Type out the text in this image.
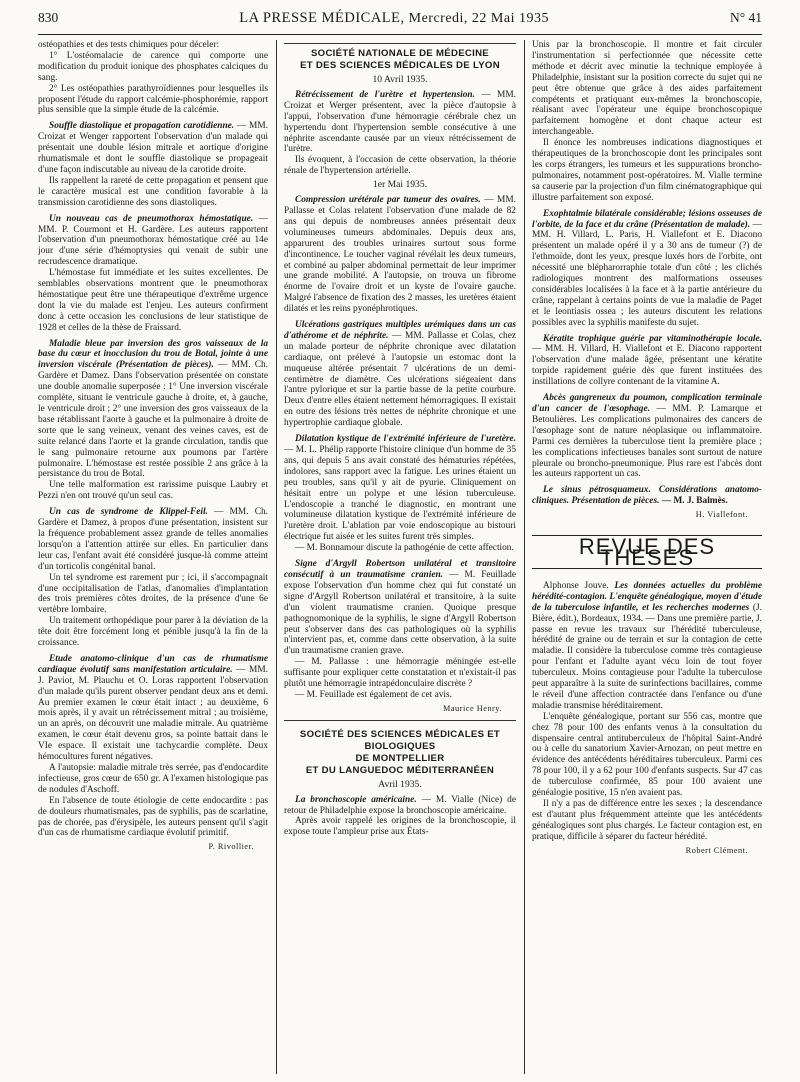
830	LA PRESSE MÉDICALE, Mercredi, 22 Mai 1935	N° 41

ostéopathies et des tests chimiques pour déceler:

1° L'ostéomalacie de carence qui comporte une modification du produit ionique des phosphates calciques du sang.

2° Les ostéopathies parathyroïdiennes pour lesquelles ils proposent l'étude du rapport calcémie-phosphorémie, rapport plus sensible que la simple étude de la calcémie.

Souffle diastolique et propagation carotidienne. — MM. Croizat et Wenger rapportent l'observation d'un malade qui présentait une double lésion mitrale et aortique d'origine rhumatismale et dont le souffle diastolique se propageait d'une façon indiscutable au niveau de la carotide droite.

Ils rappellent la rareté de cette propagation et pensent que le caractère musical est une condition favorable à la transmission carotidienne des sons diastoliques.

Un nouveau cas de pneumothorax hémostatique. — MM. P. Courmont et H. Gardère. Les auteurs rapportent l'observation d'un pneumothorax hémostatique créé au 14e jour d'une série d'hémoptysies qui venait de subir une recrudescence dramatique.

L'hémostase fut immédiate et les suites excellentes. De semblables observations montrent que le pneumothorax hémostatique peut être une thérapeutique d'extrême urgence dont la vie du malade est l'enjeu. Les auteurs confirment donc à cette occasion les conclusions de leur statistique de 1928 et celles de la thèse de Fraissard.

Maladie bleue par inversion des gros vaisseaux de la base du cœur et inocclusion du trou de Botal, jointe à une inversion viscérale (Présentation de pièces). — MM. Ch. Gardère et Damez. Dans l'observation présentée on constate une double anomalie superposée : 1° Une inversion viscérale complète, situant le ventricule gauche à droite, et, à gauche, le ventricule droit ; 2° une inversion des gros vaisseaux de la base rétablissant l'aorte à gauche et la pulmonaire à droite de sorte que le sang veineux, venant des veines caves, est de suite relancé dans l'aorte et la grande circulation, tandis que le sang pulmonaire retourne aux poumons par l'artère pulmonaire. L'hémostase est restée possible 2 ans grâce à la persistance du trou de Botal.

Une telle malformation est rarissime puisque Laubry et Pezzi n'en ont trouvé qu'un seul cas.

Un cas de syndrome de Klippel-Feil. — MM. Ch. Gardère et Damez, à propos d'une présentation, insistent sur la fréquence probablement assez grande de telles anomalies lorsqu'on a l'attention attirée sur elles. En particulier dans leur cas, l'enfant avait été considéré jusque-là comme atteint d'un torticolis congénital banal.

Un tel syndrome est rarement pur ; ici, il s'accompagnait d'une occipitalisation de l'atlas, d'anomalies d'implantation des trois premières côtes droites, de la présence d'une 6e vertèbre lombaire.

Un traitement orthopédique pour parer à la déviation de la tête doit être forcément long et pénible jusqu'à la fin de la croissance.

Etude anatomo-clinique d'un cas de rhumatisme cardiaque évolutif sans manifestation articulaire. — MM. J. Paviot, M. Plauchu et O. Loras rapportent l'observation d'un malade qu'ils purent observer pendant deux ans et demi. Au premier examen le cœur était intact ; au deuxième, 6 mois après, il y avait un rétrécissement mitral ; au troisième, un an après, on découvrit une maladie mitrale. Au quatrième examen, le cœur était devenu gros, sa pointe battait dans le VIe espace. Il existait une tachycardie complète. Deux hémocultures furent négatives.

A l'autopsie: maladie mitrale très serrée, pas d'endocardite infectieuse, gros cœur de 650 gr. A l'examen histologique pas de nodules d'Aschoff.

En l'absence de toute étiologie de cette endocardite : pas de douleurs rhumatismales, pas de syphilis, pas de scarlatine, pas de chorée, pas d'érysipèle, les auteurs pensent qu'il s'agit d'un cas de rhumatisme cardiaque évolutif primitif.

P. Rivollier.
SOCIÉTÉ NATIONALE DE MÉDECINE
ET DES SCIENCES MÉDICALES DE LYON
10 Avril 1935.

Rétrécissement de l'urètre et hypertension. — MM. Croizat et Werger présentent, avec la pièce d'autopsie à l'appui, l'observation d'une hémorragie cérébrale chez un hypertendu dont l'hypertension semble consécutive à une néphrite ascendante causée par un vieux rétrécissement de l'urètre.

Ils évoquent, à l'occasion de cette observation, la théorie rénale de l'hypertension artérielle.

1er Mai 1935.

Compression urétérale par tumeur des ovaires. — MM. Pallasse et Colas relatent l'observation d'une malade de 82 ans qui depuis de nombreuses années présentait deux volumineuses tumeurs abdominales. Depuis deux ans, apparurent des troubles urinaires surtout sous forme d'incontinence. Le toucher vaginal révélait les deux tumeurs, et combiné au palper abdominal permettait de leur imprimer une grande mobilité. A l'autopsie, on trouva un fibrome énorme de l'ovaire droit et un kyste de l'ovaire gauche. Malgré l'absence de fixation des 2 masses, les uretères étaient dilatés et les reins pyonéphrotiques.

Ulcérations gastriques multiples urémiques dans un cas d'athérome et de néphrite. — MM. Pallasse et Colas, chez un malade porteur de néphrite chronique avec dilatation cardiaque, ont prélevé à l'autopsie un estomac dont la muqueuse altérée présentait 7 ulcérations de un demi-centimètre de diamètre. Ces ulcérations siégeaient dans l'antre pylorique et sur la partie basse de la petite courbure. Deux d'entre elles étaient nettement hémorragiques. Il existait en outre des lésions très nettes de néphrite chronique et une hypertrophie cardiaque globale.

Dilatation kystique de l'extrémité inférieure de l'uretère. — M. L. Phélip rapporte l'histoire clinique d'un homme de 35 ans, qui depuis 5 ans avait constaté des hématuries répétées, indolores, sans rapport avec la fatigue. Les urines étaient un peu troubles, sans qu'il y ait de pyurie. Cliniquement on hésitait entre un polype et une lésion tuberculeuse. L'endoscopie a tranché le diagnostic, en montrant une volumineuse dilatation kystique de l'extrémité inférieure de l'uretère droit. L'ablation par voie endoscopique au bistouri électrique fut aisée et les suites furent très simples.

— M. Bonnamour discute la pathogénie de cette affection.

Signe d'Argyll Robertson unilatéral et transitoire consécutif à un traumatisme cranien. — M. Feuillade expose l'observation d'un homme chez qui fut constaté un signe d'Argyll Robertson unilatéral et transitoire, à la suite d'un violent traumatisme cranien. Quoique presque pathognomonique de la syphilis, le signe d'Argyll Robertson peut s'observer dans des cas pathologiques où la syphilis n'intervient pas, et, comme dans cette observation, à la suite d'un traumatisme cranien grave.

— M. Pallasse : une hémorragie méningée est-elle suffisante pour expliquer cette constatation et n'existait-il pas plutôt une hémorragie intrapédonculaire discrète ?

— M. Feuillade est également de cet avis.

Maurice Henry.
SOCIÉTÉ DES SCIENCES MÉDICALES ET BIOLOGIQUES
DE MONTPELLIER
ET DU LANGUEDOC MÉDITERRANÉEN
Avril 1935.

La bronchoscopie américaine. — M. Vialle (Nice) de retour de Philadelphie expose la bronchoscopie américaine.

Après avoir rappelé les origines de la bronchoscopie, il expose toute l'ampleur prise aux États-

Unis par la bronchoscopie. Il montre et fait circuler l'instrumentation si perfectionnée que nécessite cette méthode et décrit avec minutie la technique employée à Philadelphie, insistant sur la position correcte du sujet qui ne peut être obtenue que grâce à des aides parfaitement compétents et pratiquant eux-mêmes la bronchoscopie, réalisant avec l'opérateur une équipe bronchoscopique parfaitement homogène et dont chaque acteur est interchangeable.

Il énonce les nombreuses indications diagnostiques et thérapeutiques de la bronchoscopie dont les principales sont les corps étrangers, les tumeurs et les suppurations broncho-pulmonaires, notamment post-opératoires. M. Vialle termine sa causerie par la projection d'un film cinématographique qui illustre parfaitement son exposé.

Exophtalmie bilatérale considérable; lésions osseuses de l'orbite, de la face et du crâne (Présentation de malade). — MM. H. Villard, L. Paris, H. Viallefont et E. Diacono présentent un malade opéré il y a 30 ans de tumeur (?) de l'ethmoïde, dont les yeux, presque luxés hors de l'orbite, ont nécessité une blépharorraphie totale d'un côté ; les clichés radiologiques montrent des malformations osseuses considérables localisées à la face et à la partie antérieure du crâne, rappelant à certains points de vue la maladie de Paget et le leontiasis ossea ; les auteurs discutent les relations possibles avec la syphilis manifeste du sujet.

Kératite trophique guérie par vitaminothérapie locale. — MM. H. Villard, H. Viallefont et E. Diacono rapportent l'observation d'une malade âgée, présentant une kératite torpide rapidement guérie dès que furent instituées des instillations de collyre contenant de la vitamine A.

Abcès gangreneux du poumon, complication terminale d'un cancer de l'œsophage. — MM. P. Lamarque et Betoulières. Les complications pulmonaires des cancers de l'œsophage sont de nature néoplasique ou inflammatoire. Parmi ces dernières la tuberculose tient la première place ; les complications infectieuses banales sont surtout de nature pleurale ou broncho-pneumonique. Plus rare est l'abcès dont les auteurs rapportent un cas.

Le sinus pétrosquameux. Considérations anatomo-cliniques. Présentation de pièces. — M. J. Balmès.

H. Viallefont.
REVUE DES THÈSES

Alphonse Jouve. Les données actuelles du problème hérédité-contagion. L'enquête généalogique, moyen d'étude de la tuberculose infantile, et les recherches modernes (J. Bière, édit.), Bordeaux, 1934. — Dans une première partie, J. passe en revue les travaux sur l'hérédité tuberculeuse, hérédité de graine ou de terrain et sur la contagion de cette maladie. Il considère la tuberculose comme très contagieuse pour l'enfant et l'adulte ayant vécu loin de tout foyer tuberculeux. Moins contagieuse pour l'adulte la tuberculose peut apparaître à la suite de surinfections bacillaires, comme le réveil d'une affection contractée dans l'enfance ou d'une maladie transmise héréditairement.

L'enquête généalogique, portant sur 556 cas, montre que chez 78 pour 100 des enfants venus à la consultation du dispensaire central antituberculeux de l'hôpital Saint-André ou à celle du sanatorium Xavier-Arnozan, on peut mettre en évidence des antécédents héréditaires tuberculeux. Parmi ces 78 pour 100, il y a 62 pour 100 d'enfants suspects. Sur 47 cas de tuberculose confirmée, 85 pour 100 avaient une généalogie positive, 15 n'en avaient pas.

Il n'y a pas de différence entre les sexes ; la descendance est d'autant plus fréquemment atteinte que les antécédents généalogiques sont plus chargés. Le facteur contagion est, en pratique, difficile à séparer du facteur hérédité.

Robert Clément.
